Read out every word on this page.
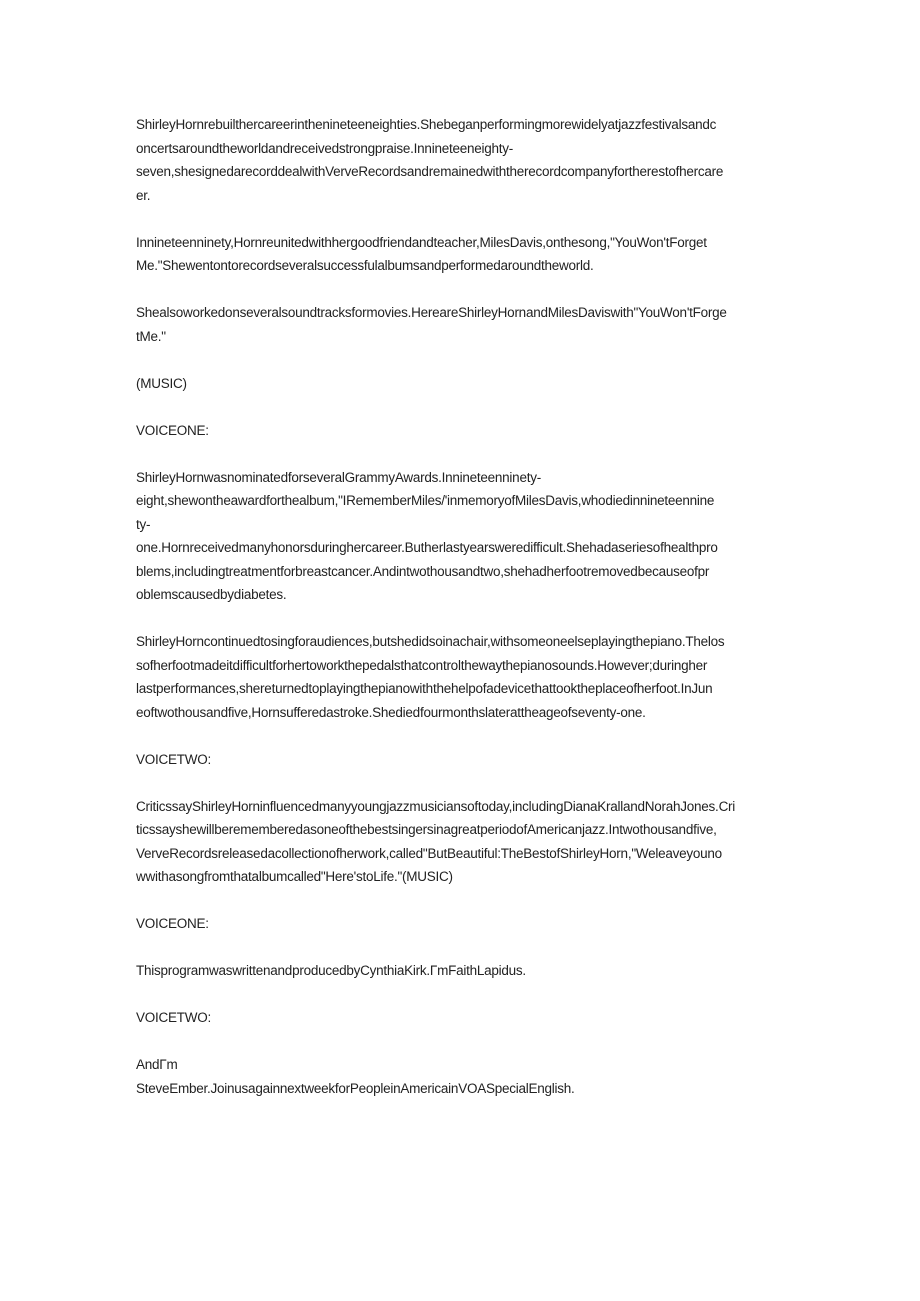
ShirleyHornrebuilthercareerinthenineteeneighties.Shebeganperformingmorewidelyatjazzfestivalsandc
oncertsaroundtheworldandreceivedstrongpraise.Innineteeneighty-
seven,shesignedarecorddealwithVerveRecordsandremainedwiththerecordcompanyfortherestofhercare
er.

Innineteenninety,Hornreunitedwithhergoodfriendandteacher,MilesDavis,onthesong,"YouWon'tForget
Me."Shewentontorecordseveralsuccessfulalbumsandperformedaroundtheworld.

Shealsoworkedonseveralsoundtracksformovies.HereareShirleyHornandMilesDaviswith"YouWon'tForge
tMe."

(MUSIC)

VOICEONE:

ShirleyHornwasnominatedforseveralGrammyAwards.Innineteenninety-
eight,shewontheawardforthealbum,"IRememberMiles/'inmemoryofMilesDavis,whodiedinnineteennine
ty-
one.Hornreceivedmanyhonorsduringhercareer.Butherlastyearsweredifficult.Shehadaseriesofhealthpro
blems,includingtreatmentforbreastcancer.Andintwothousandtwo,shehadherfootremovedbecauseofpr
oblemscausedbydiabetes.

ShirleyHorncontinuedtosingforaudiences,butshedidsoinachair,withsomeoneelseplayingthepiano.Thelos
sofherfootmadeitdifficultforhertoworkthepedalsthatcontrolthewaythepianosounds.However;duringher
lastperformances,shereturnedtoplayingthepianowiththehelpofadevicethattooktheplaceofherfoot.InJun
eoftwothousandfive,Hornsufferedastroke.Shediedfourmonthslaterattheageofseventy-one.

VOICETWO:

CriticssayShirleyHorninfluencedmanyyoungjazzmusiciansoftoday,includingDianaKrallandNorahJones.Cri
ticssayshewillberememberedasoneofthebestsingersinagreatperiodofAmericanjazz.Intwothousandfive,
VerveRecordsreleasedacollectionofherwork,called"ButBeautiful:TheBestofShirleyHorn,"Weleaveyouno
wwithasongfromthatalbumcalled"Here'stoLife."(MUSIC)

VOICEONE:

ThisprogramwaswrittenandproducedbyCynthiaKirk.ΓmFaithLapidus.

VOICETWO:

AndΓm
SteveEmber.JoinusagainnextweekforPeopleinAmericainVOASpecialEnglish.
